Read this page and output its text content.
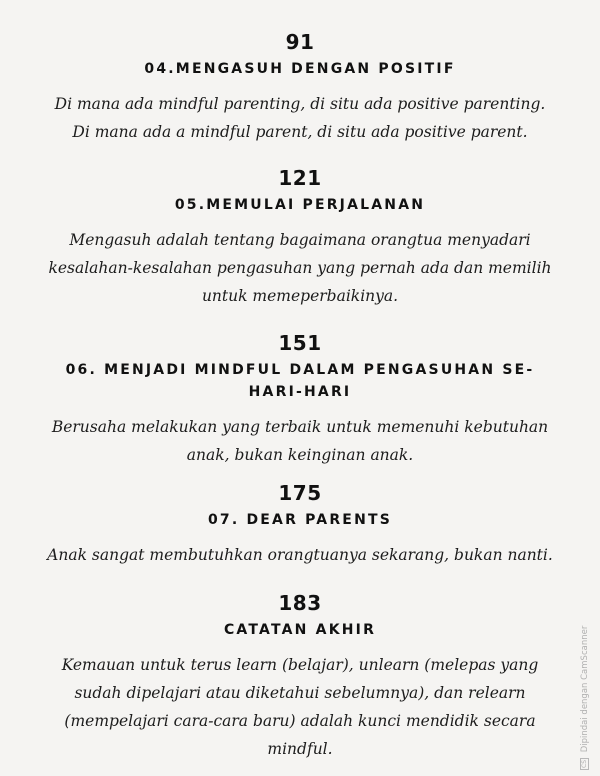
91
04.MENGASUH DENGAN POSITIF
Di mana ada mindful parenting, di situ ada positive parenting.
Di mana ada a mindful parent, di situ ada positive parent.
121
05.MEMULAI PERJALANAN
Mengasuh adalah tentang bagaimana orangtua menyadari
kesalahan-kesalahan pengasuhan yang pernah ada dan memilih
untuk memeperbaikinya.
151
06. MENJADI MINDFUL DALAM PENGASUHAN SE-
HARI-HARI
Berusaha melakukan yang terbaik untuk memenuhi kebutuhan
anak, bukan keinginan anak.
175
07. DEAR PARENTS
Anak sangat membutuhkan orangtuanya sekarang, bukan nanti.
183
CATATAN AKHIR
Kemauan untuk terus learn (belajar), unlearn (melepas yang
sudah dipelajari atau diketahui sebelumnya), dan relearn
(mempelajari cara-cara baru) adalah kunci mendidik secara
mindful.
CS Dipindai dengan CamScanner
